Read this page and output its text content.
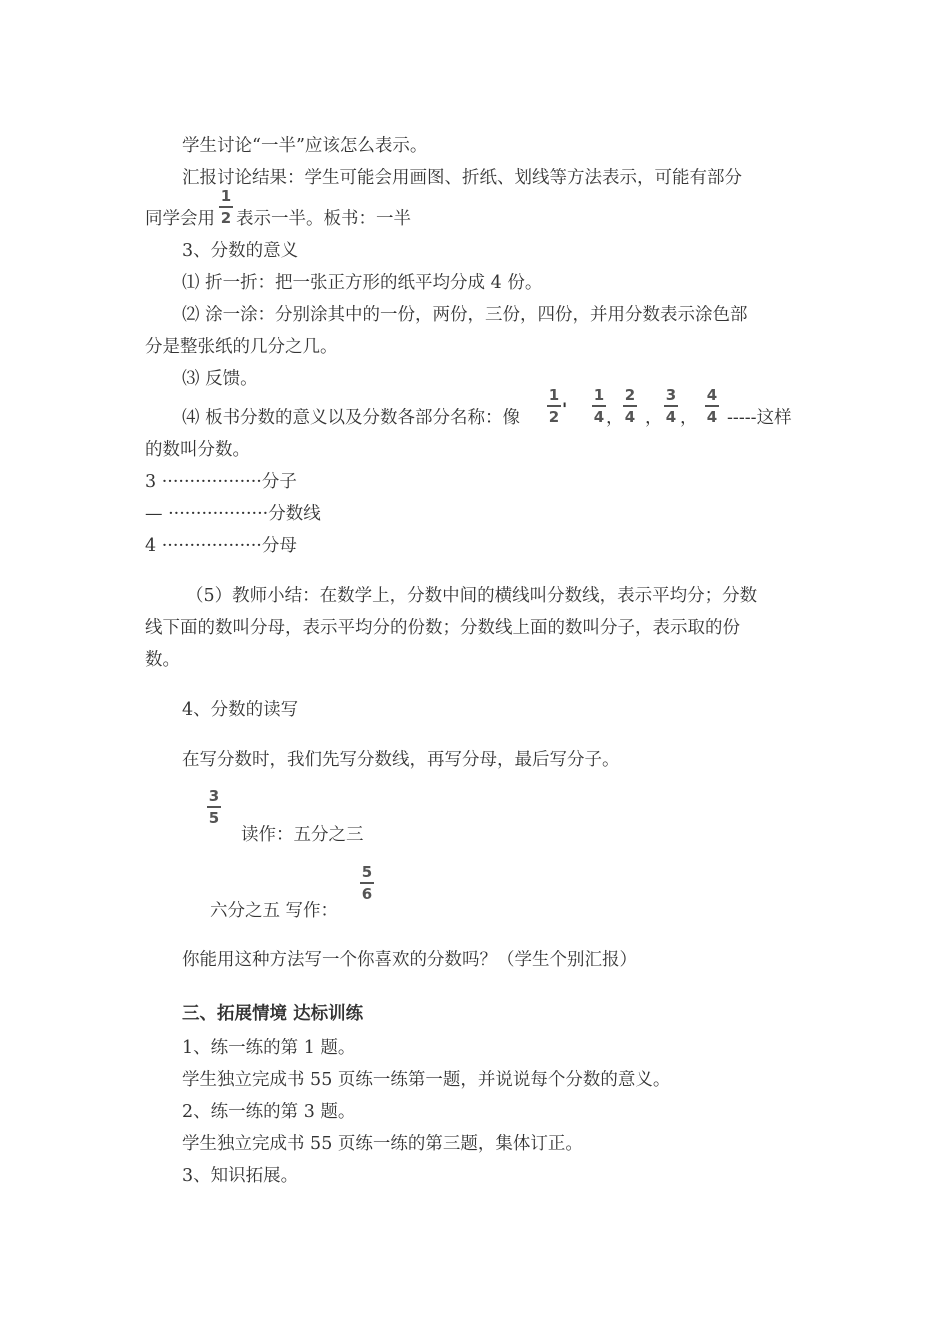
学生讨论“一半”应该怎么表示。
汇报讨论结果：学生可能会用画图、折纸、划线等方法表示，可能有部分
同学会用
1
2 表示一半。板书：一半
3、分数的意义
⑴ 折一折：把一张正方形的纸平均分成 4 份。
⑵ 涂一涂：分别涂其中的一份，两份，三份，四份，并用分数表示涂色部
分是整张纸的几分之几。
⑶ 反馈。
⑷ 板书分数的意义以及分数各部分名称：像
1
2 '
1
4 ，
2
4 ，
3
4 ，
4
4 -----这样
的数叫分数。
3 ··················分子
— ··················分数线
4 ··················分母
（5）教师小结：在数学上，分数中间的横线叫分数线，表示平均分；分数
线下面的数叫分母，表示平均分的份数；分数线上面的数叫分子，表示取的份
数。
4、分数的读写
在写分数时，我们先写分数线，再写分母，最后写分子。
3
5
读作：五分之三
5
6
六分之五 写作：
你能用这种方法写一个你喜欢的分数吗？（学生个别汇报）
三、拓展情境 达标训练
1、练一练的第 1 题。
学生独立完成书 55 页练一练第一题，并说说每个分数的意义。
2、练一练的第 3 题。
学生独立完成书 55 页练一练的第三题，集体订正。
3、知识拓展。
